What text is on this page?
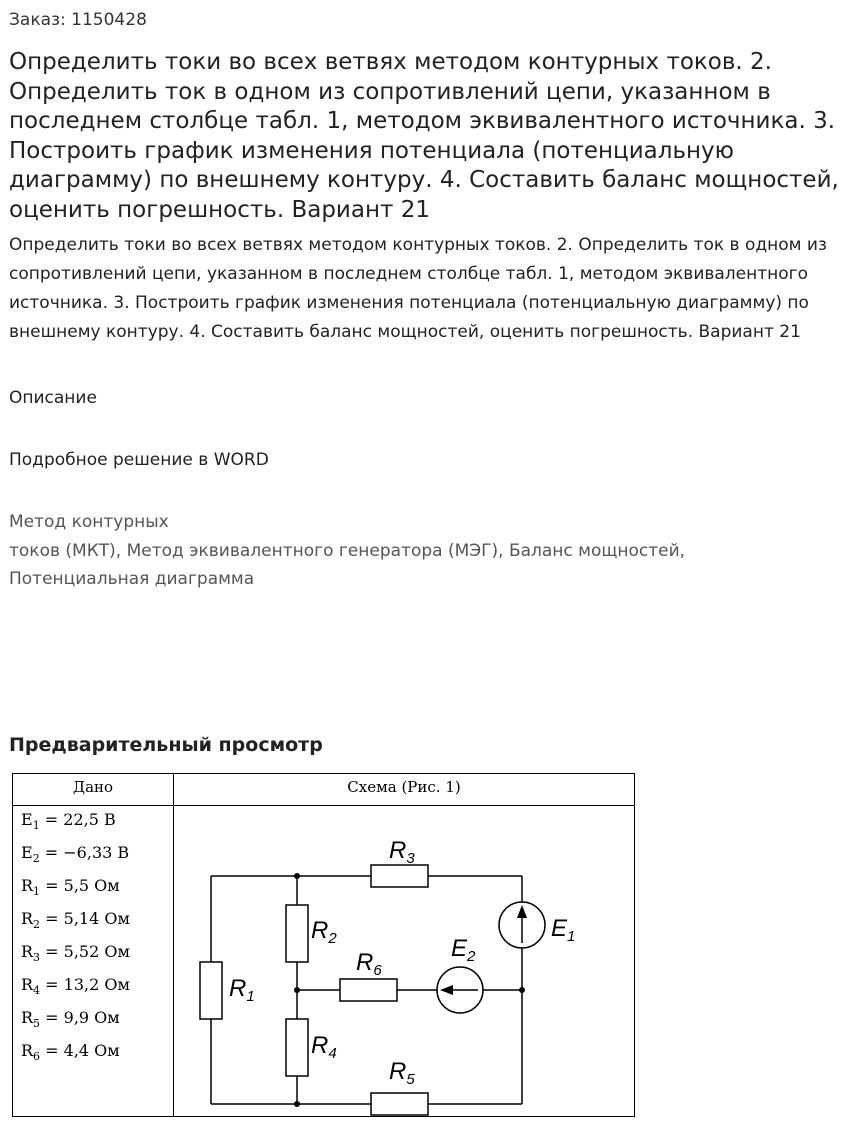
Заказ: 1150428
Определить токи во всех ветвях методом контурных токов. 2. Определить ток в одном из сопротивлений цепи, указанном в последнем столбце табл. 1, методом эквивалентного источника. 3. Построить график изменения потенциала (потенциальную диаграмму) по внешнему контуру. 4. Составить баланс мощностей, оценить погрешность. Вариант 21
Определить токи во всех ветвях методом контурных токов. 2. Определить ток в одном из сопротивлений цепи, указанном в последнем столбце табл. 1, методом эквивалентного источника. 3. Построить график изменения потенциала (потенциальную диаграмму) по внешнему контуру. 4. Составить баланс мощностей, оценить погрешность. Вариант 21
Описание
Подробное решение в WORD
Метод контурных
токов (МКТ), Метод эквивалентного генератора (МЭГ), Баланс мощностей,
Потенциальная диаграмма
Предварительный просмотр
Дано	Схема (Рис. 1)
$E_1 = 22,5$ В
$E_2 = -6,33$ В
$R_1 = 5,5$ Ом
$R_2 = 5,14$ Ом
$R_3 = 5,52$ Ом
$R_4 = 13,2$ Ом
$R_5 = 9,9$ Ом
$R_6 = 4,4$ Ом
$R_3$
$R_5$
$R_1$
$R_2$
$R_4$
$R_6$
$E_1$
$E_2$
